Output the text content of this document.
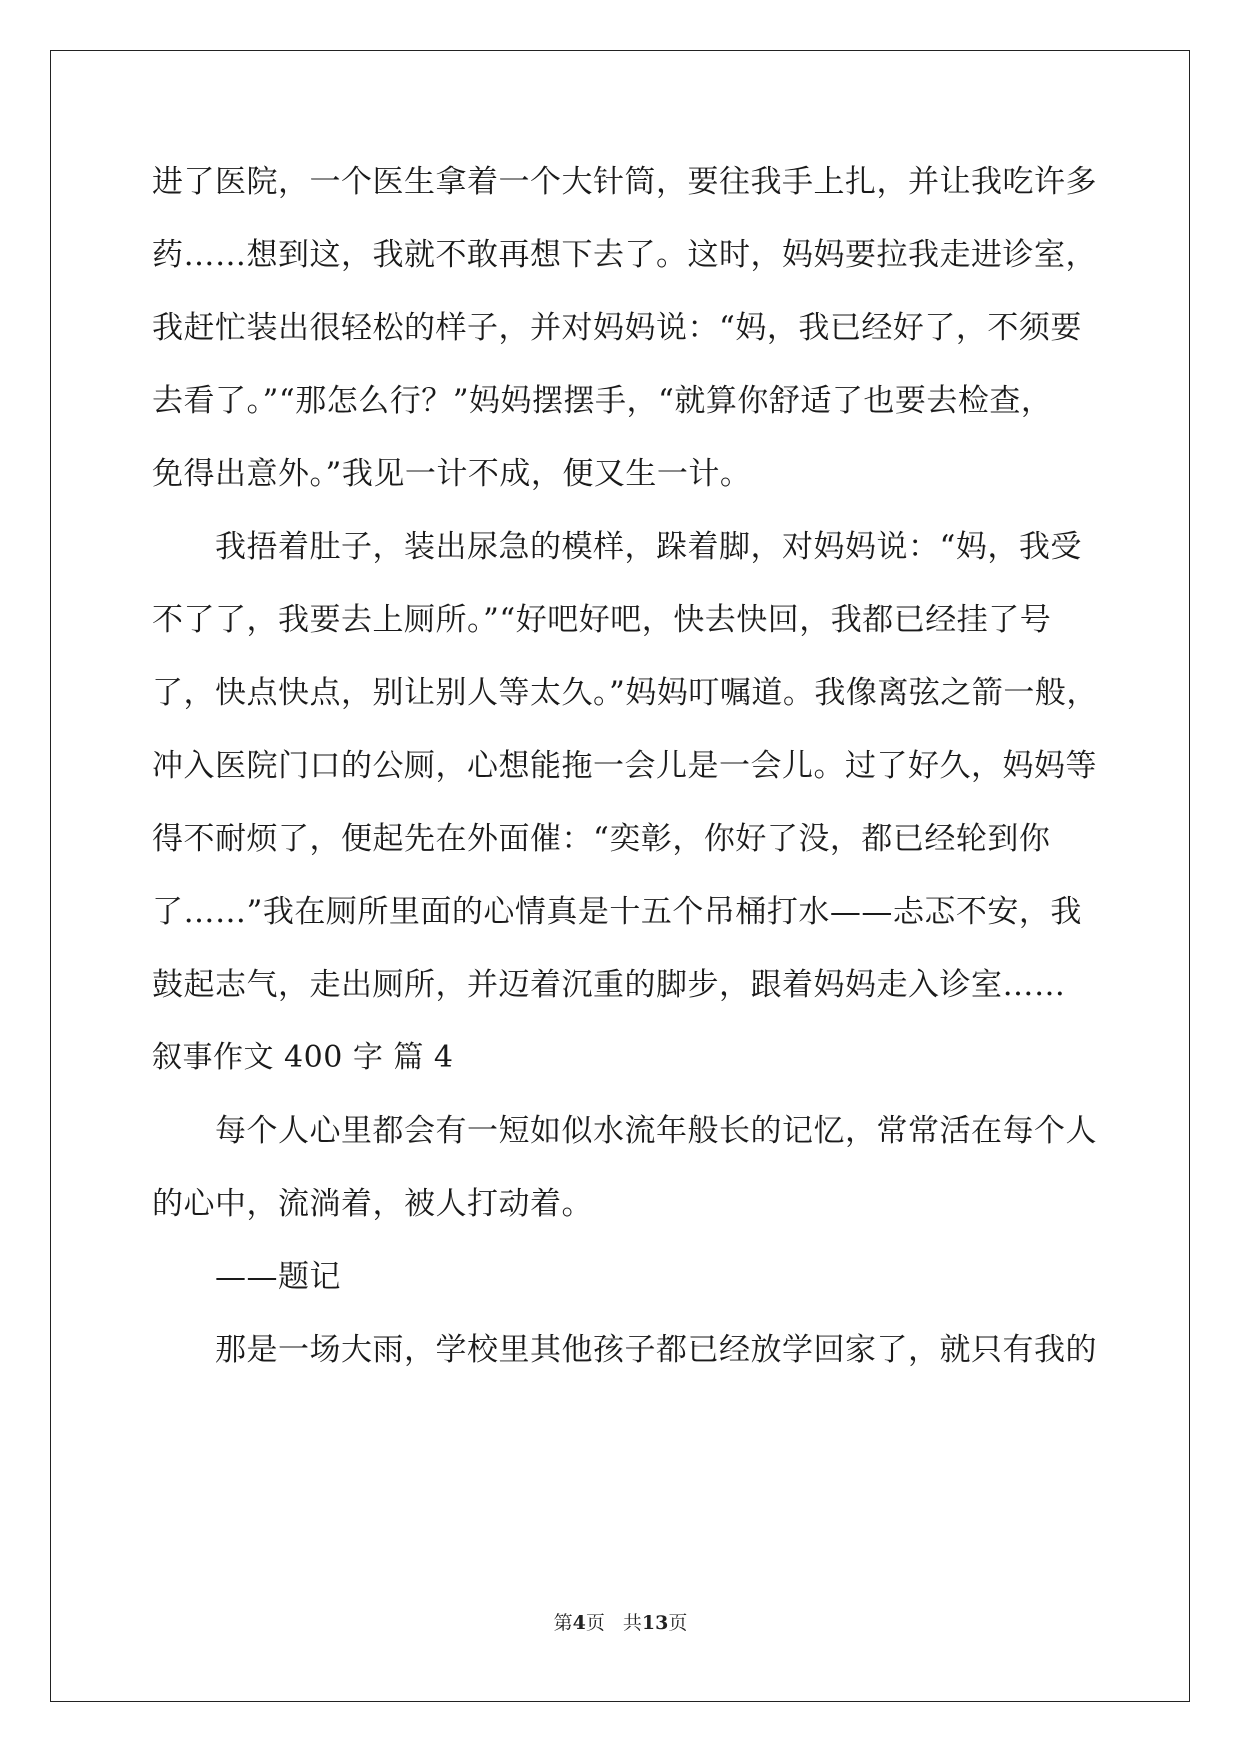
进了医院，一个医生拿着一个大针筒，要往我手上扎，并让我吃许多
药……想到这，我就不敢再想下去了。这时，妈妈要拉我走进诊室，
我赶忙装出很轻松的样子，并对妈妈说：“妈，我已经好了，不须要
去看了。”“那怎么行？”妈妈摆摆手，“就算你舒适了也要去检查，
免得出意外。”我见一计不成，便又生一计。
我捂着肚子，装出尿急的模样，跺着脚，对妈妈说：“妈，我受
不了了，我要去上厕所。”“好吧好吧，快去快回，我都已经挂了号
了，快点快点，别让别人等太久。”妈妈叮嘱道。我像离弦之箭一般，
冲入医院门口的公厕，心想能拖一会儿是一会儿。过了好久，妈妈等
得不耐烦了，便起先在外面催：“奕彰，你好了没，都已经轮到你
了……”我在厕所里面的心情真是十五个吊桶打水——忐忑不安，我
鼓起志气，走出厕所，并迈着沉重的脚步，跟着妈妈走入诊室……
叙事作文 400 字 篇 4
每个人心里都会有一短如似水流年般长的记忆，常常活在每个人
的心中，流淌着，被人打动着。
——题记
那是一场大雨，学校里其他孩子都已经放学回家了，就只有我的
第4页 共13页
